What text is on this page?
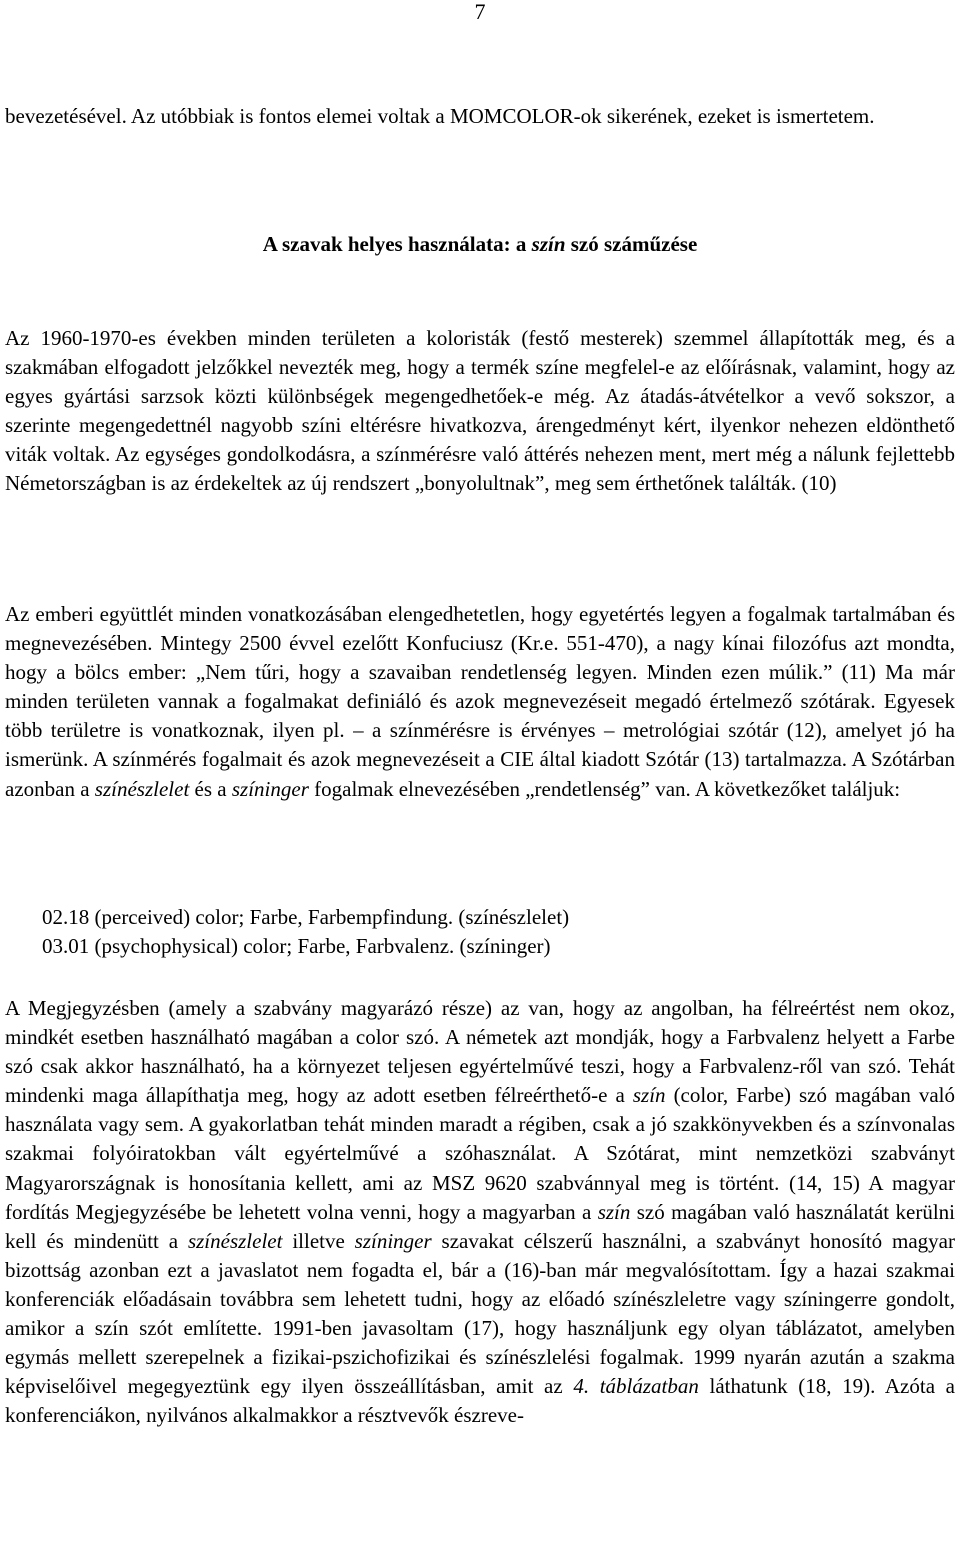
7

bevezetésével. Az utóbbiak is fontos elemei voltak a MOMCOLOR-ok sikerének, ezeket is ismertetem.

A szavak helyes használata: a szín szó száműzése

Az 1960-1970-es években minden területen a koloristák (festő mesterek) szemmel állapították meg, és a szakmában elfogadott jelzőkkel nevezték meg, hogy a termék színe megfelel-e az előírásnak, valamint, hogy az egyes gyártási sarzsok közti különbségek megengedhetőek-e még. Az átadás-átvételkor a vevő sokszor, a szerinte megengedettnél nagyobb színi eltérésre hivatkozva, árengedményt kért, ilyenkor nehezen eldönthető viták voltak. Az egységes gondolkodásra, a színmérésre való áttérés nehezen ment, mert még a nálunk fejlettebb Németországban is az érdekeltek az új rendszert „bonyolultnak”, meg sem érthetőnek találták. (10)

Az emberi együttlét minden vonatkozásában elengedhetetlen, hogy egyetértés legyen a fogalmak tartalmában és megnevezésében. Mintegy 2500 évvel ezelőtt Konfuciusz (Kr.e. 551-470), a nagy kínai filozófus azt mondta, hogy a bölcs ember: „Nem tűri, hogy a szavaiban rendetlenség legyen. Minden ezen múlik.” (11) Ma már minden területen vannak a fogalmakat definiáló és azok megnevezéseit megadó értelmező szótárak. Egyesek több területre is vonatkoznak, ilyen pl. – a színmérésre is érvényes – metrológiai szótár (12), amelyet jó ha ismerünk. A színmérés fogalmait és azok megnevezéseit a CIE által kiadott Szótár (13) tartalmazza. A Szótárban azonban a színészlelet és a színinger fogalmak elnevezésében „rendetlenség” van. A következőket találjuk:

02.18 (perceived) color; Farbe, Farbempfindung. (színészlelet)
03.01 (psychophysical) color; Farbe, Farbvalenz. (színinger)

A Megjegyzésben (amely a szabvány magyarázó része) az van, hogy az angolban, ha félreértést nem okoz, mindkét esetben használható magában a color szó. A németek azt mondják, hogy a Farbvalenz helyett a Farbe szó csak akkor használható, ha a környezet teljesen egyértelművé teszi, hogy a Farbvalenz-ről van szó. Tehát mindenki maga állapíthatja meg, hogy az adott esetben félreérthető-e a szín (color, Farbe) szó magában való használata vagy sem. A gyakorlatban tehát minden maradt a régiben, csak a jó szakkönyvekben és a színvonalas szakmai folyóiratokban vált egyértelművé a szóhasználat. A Szótárat, mint nemzetközi szabványt Magyarországnak is honosítania kellett, ami az MSZ 9620 szabvánnyal meg is történt. (14, 15) A magyar fordítás Megjegyzésébe be lehetett volna venni, hogy a magyarban a szín szó magában való használatát kerülni kell és mindenütt a színészlelet illetve színinger szavakat célszerű használni, a szabványt honosító magyar bizottság azonban ezt a javaslatot nem fogadta el, bár a (16)-ban már megvalósítottam. Így a hazai szakmai konferenciák előadásain továbbra sem lehetett tudni, hogy az előadó színészleletre vagy színingerre gondolt, amikor a szín szót említette. 1991-ben javasoltam (17), hogy használjunk egy olyan táblázatot, amelyben egymás mellett szerepelnek a fizikai-pszichofizikai és színészlelési fogalmak. 1999 nyarán azután a szakma képviselőivel megegyeztünk egy ilyen összeállításban, amit az 4. táblázatban láthatunk (18, 19). Azóta a konferenciákon, nyilvános alkalmakkor a résztvevők észreve-
